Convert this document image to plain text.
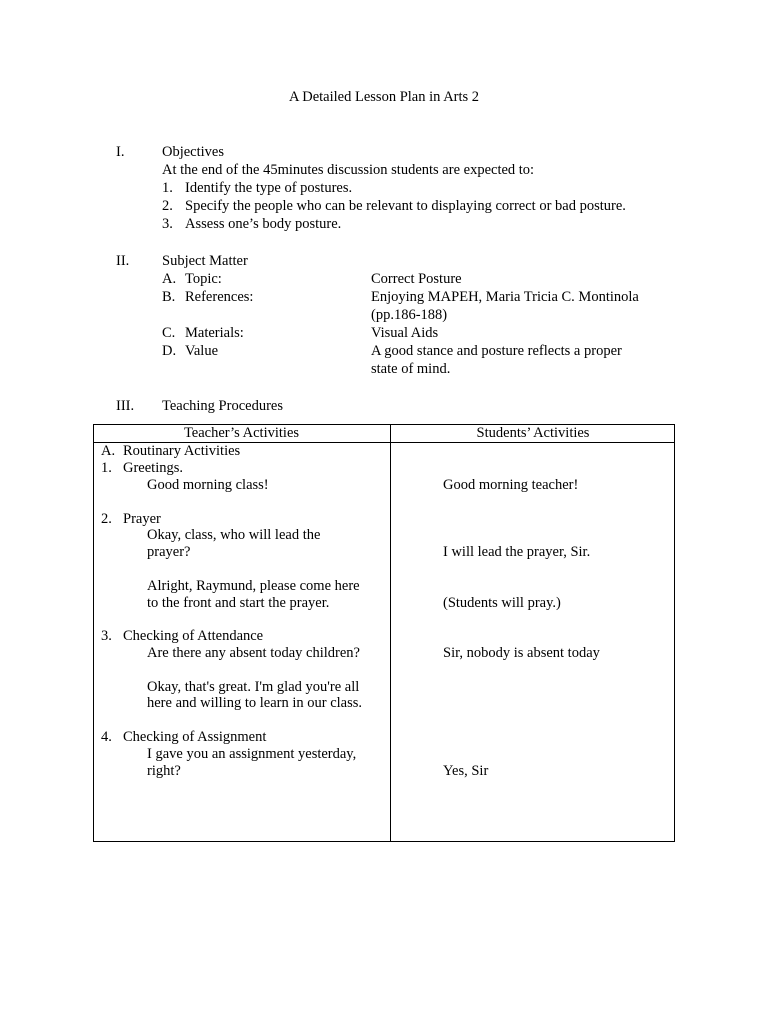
A Detailed Lesson Plan in Arts 2
I.	Objectives
At the end of the 45minutes discussion students are expected to:
1. Identify the type of postures.
2. Specify the people who can be relevant to displaying correct or bad posture.
3. Assess one’s body posture.
II. Subject Matter
A. Topic:	Correct Posture
B. References:	Enjoying MAPEH, Maria Tricia C. Montinola
(pp.186-188)
C. Materials:	Visual Aids
D. Value	A good stance and posture reflects a proper
state of mind.
III. Teaching Procedures
Teacher’s Activities	Students’ Activities
A. Routinary Activities
1. Greetings.
Good morning class!	Good morning teacher!
2. Prayer
Okay, class, who will lead the
prayer?	I will lead the prayer, Sir.
Alright, Raymund, please come here
to the front and start the prayer.	(Students will pray.)
3. Checking of Attendance
Are there any absent today children?	Sir, nobody is absent today
Okay, that's great. I'm glad you're all
here and willing to learn in our class.
4. Checking of Assignment
I gave you an assignment yesterday,
right?	Yes, Sir
